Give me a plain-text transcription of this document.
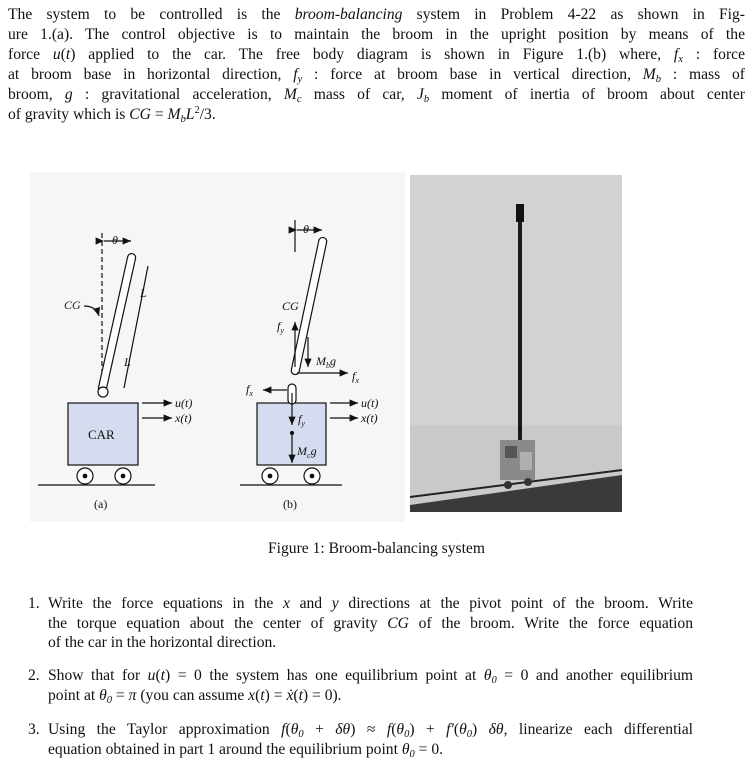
The system to be controlled is the broom-balancing system in Problem 4-22 as shown in Fig-
ure 1.(a). The control objective is to maintain the broom in the upright position by means of the
force u(t) applied to the car. The free body diagram is shown in Figure 1.(b) where, $f_x$ : force
at broom base in horizontal direction, $f_y$ : force at broom base in vertical direction, $M_b$ : mass of
broom, g : gravitational acceleration, $M_c$ mass of car, $J_b$ moment of inertia of broom about center
of gravity which is CG = $M_bL^2/3$.
θ
CG
L
L
CAR
u(t)
x(t)
(a)
θ
CG
$f_y$
$M_bg$
$f_x$
$f_x$
$f_y$
$M_cg$
u(t)
x(t)
(b)
Figure 1: Broom-balancing system
1. Write the force equations in the x and y directions at the pivot point of the broom. Write
the torque equation about the center of gravity CG of the broom. Write the force equation
of the car in the horizontal direction.
2. Show that for u(t) = 0 the system has one equilibrium point at $\theta_0 = 0$ and another equilibrium
point at $\theta_0 = \pi$ (you can assume x(t) = ẋ(t) = 0).
3. Using the Taylor approximation $f(\theta_0 + \delta\theta) \approx f(\theta_0) + f'(\theta_0)$ δθ, linearize each differential
equation obtained in part 1 around the equilibrium point $\theta_0 = 0$.
